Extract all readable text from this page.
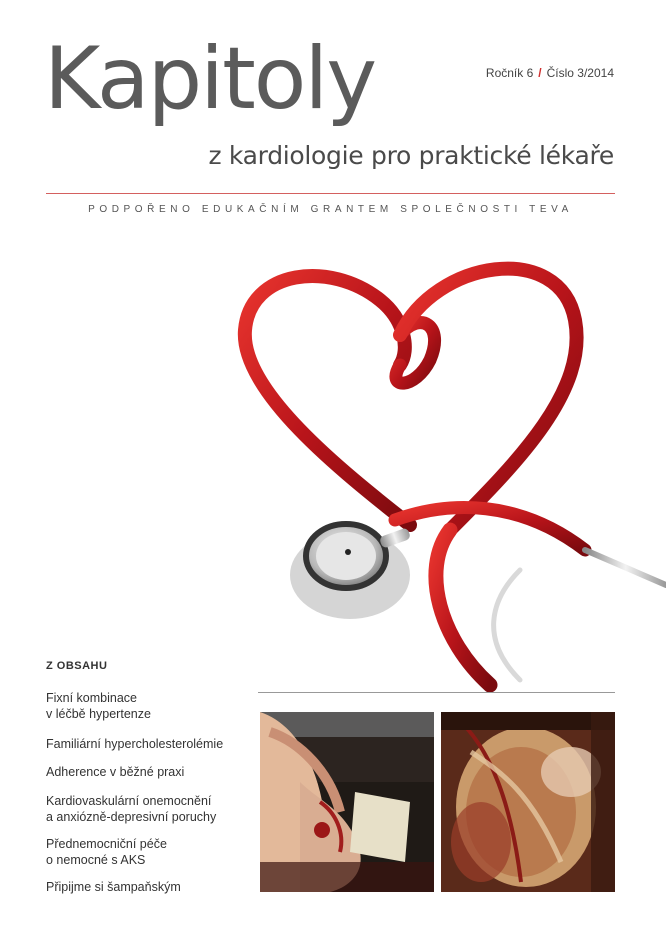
Kapitoly	Ročník 6 / Číslo 3/2014
z kardiologie pro praktické lékaře
PODPOŘENO EDUKAČNÍM GRANTEM SPOLEČNOSTI TEVA
Z OBSAHU
Fixní kombinace
v léčbě hypertenze
Familiární hypercholesterolémie
Adherence v běžné praxi
Kardiovaskulární onemocnění
a anxiózně-depresivní poruchy
Přednemocniční péče
o nemocné s AKS
Připijme si šampaňským
